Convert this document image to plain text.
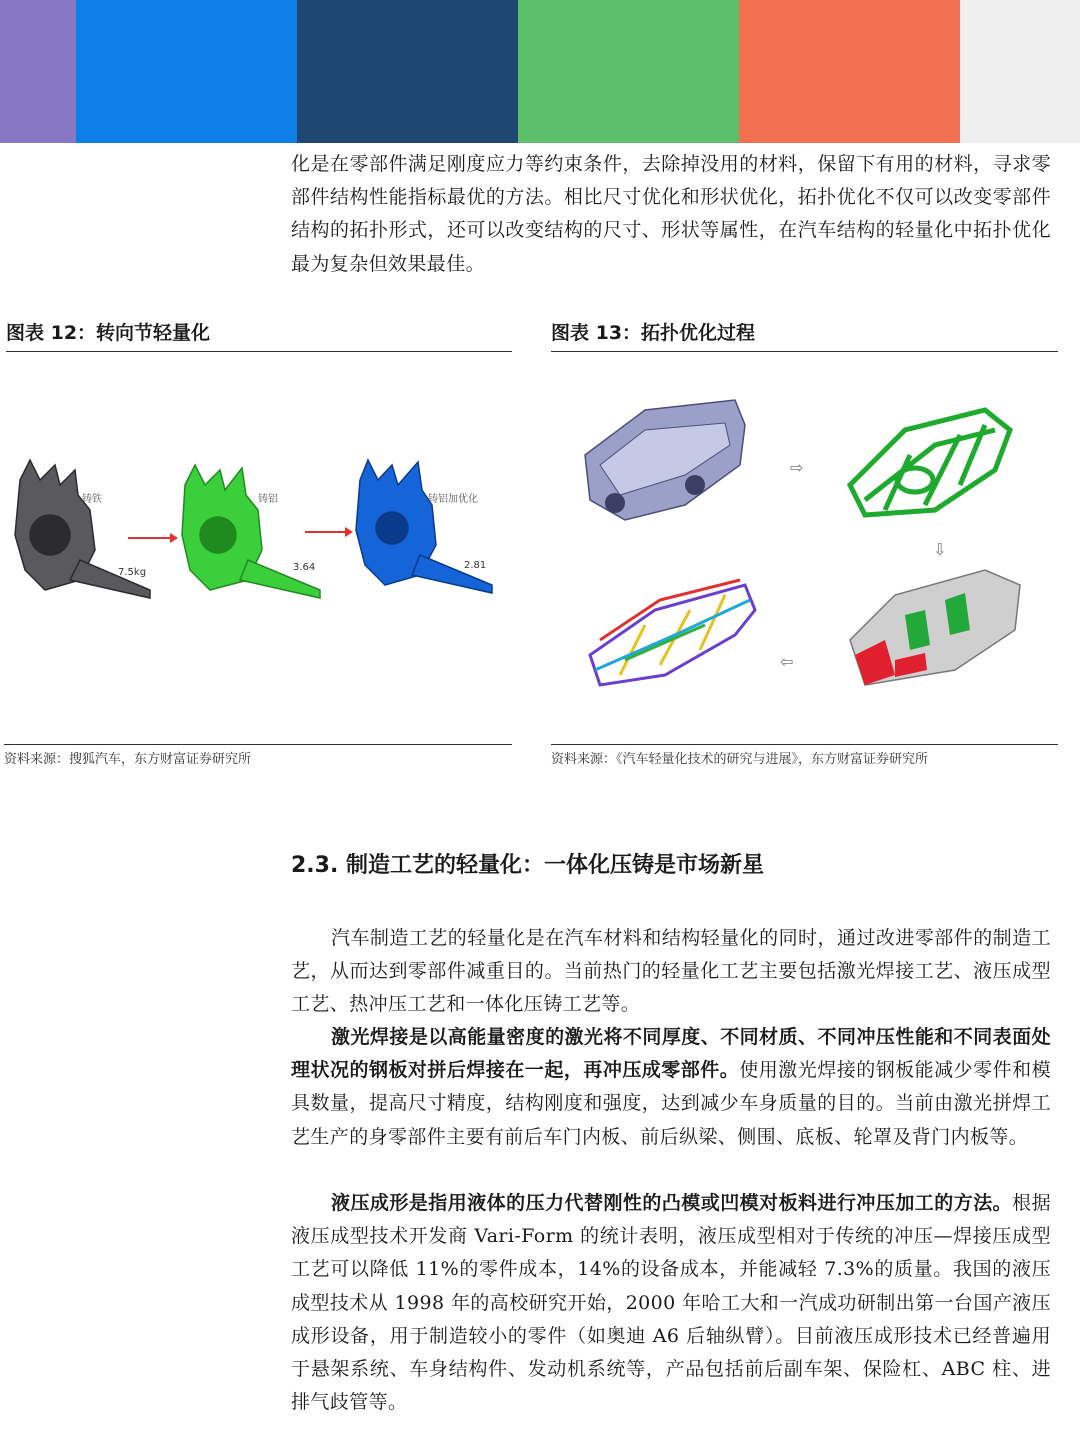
化是在零部件满足刚度应力等约束条件，去除掉没用的材料，保留下有用的材料，寻求零部件结构性能指标最优的方法。相比尺寸优化和形状优化，拓扑优化不仅可以改变零部件结构的拓扑形式，还可以改变结构的尺寸、形状等属性，在汽车结构的轻量化中拓扑优化最为复杂但效果最佳。

图表 12：转向节轻量化
铸铁
7.5kg
铸铝
3.64
铸铝加优化
2.81
资料来源：搜狐汽车，东方财富证券研究所
图表 13：拓扑优化过程
⇨
⇩
⇦
资料来源：《汽车轻量化技术的研究与进展》，东方财富证券研究所
2.3. 制造工艺的轻量化：一体化压铸是市场新星

汽车制造工艺的轻量化是在汽车材料和结构轻量化的同时，通过改进零部件的制造工艺，从而达到零部件减重目的。当前热门的轻量化工艺主要包括激光焊接工艺、液压成型工艺、热冲压工艺和一体化压铸工艺等。

激光焊接是以高能量密度的激光将不同厚度、不同材质、不同冲压性能和不同表面处理状况的钢板对拼后焊接在一起，再冲压成零部件。使用激光焊接的钢板能减少零件和模具数量，提高尺寸精度，结构刚度和强度，达到减少车身质量的目的。当前由激光拼焊工艺生产的身零部件主要有前后车门内板、前后纵梁、侧围、底板、轮罩及背门内板等。

液压成形是指用液体的压力代替刚性的凸模或凹模对板料进行冲压加工的方法。根据液压成型技术开发商 Vari-Form 的统计表明，液压成型相对于传统的冲压—焊接压成型工艺可以降低 11%的零件成本，14%的设备成本，并能减轻 7.3%的质量。我国的液压成型技术从 1998 年的高校研究开始，2000 年哈工大和一汽成功研制出第一台国产液压成形设备，用于制造较小的零件（如奥迪 A6 后轴纵臂）。目前液压成形技术已经普遍用于悬架系统、车身结构件、发动机系统等，产品包括前后副车架、保险杠、ABC 柱、进排气歧管等。
